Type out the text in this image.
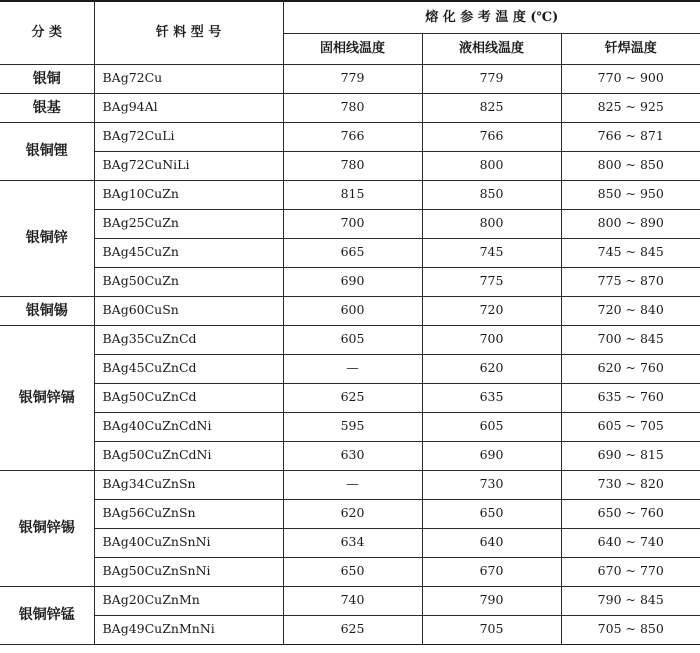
分 类	钎 料 型 号	熔 化 参 考 温 度 (℃)		
		固相线温度	液相线温度	钎焊温度
银铜	BAg72Cu	779	779	770 ~ 900
银基	BAg94Al	780	825	825 ~ 925
银铜锂	BAg72CuLi	766	766	766 ~ 871
	BAg72CuNiLi	780	800	800 ~ 850
银铜锌	BAg10CuZn	815	850	850 ~ 950
	BAg25CuZn	700	800	800 ~ 890
	BAg45CuZn	665	745	745 ~ 845
	BAg50CuZn	690	775	775 ~ 870
银铜锡	BAg60CuSn	600	720	720 ~ 840
银铜锌镉	BAg35CuZnCd	605	700	700 ~ 845
	BAg45CuZnCd	—	620	620 ~ 760
	BAg50CuZnCd	625	635	635 ~ 760
	BAg40CuZnCdNi	595	605	605 ~ 705
	BAg50CuZnCdNi	630	690	690 ~ 815
银铜锌锡	BAg34CuZnSn	—	730	730 ~ 820
	BAg56CuZnSn	620	650	650 ~ 760
	BAg40CuZnSnNi	634	640	640 ~ 740
	BAg50CuZnSnNi	650	670	670 ~ 770
银铜锌锰	BAg20CuZnMn	740	790	790 ~ 845
	BAg49CuZnMnNi	625	705	705 ~ 850
